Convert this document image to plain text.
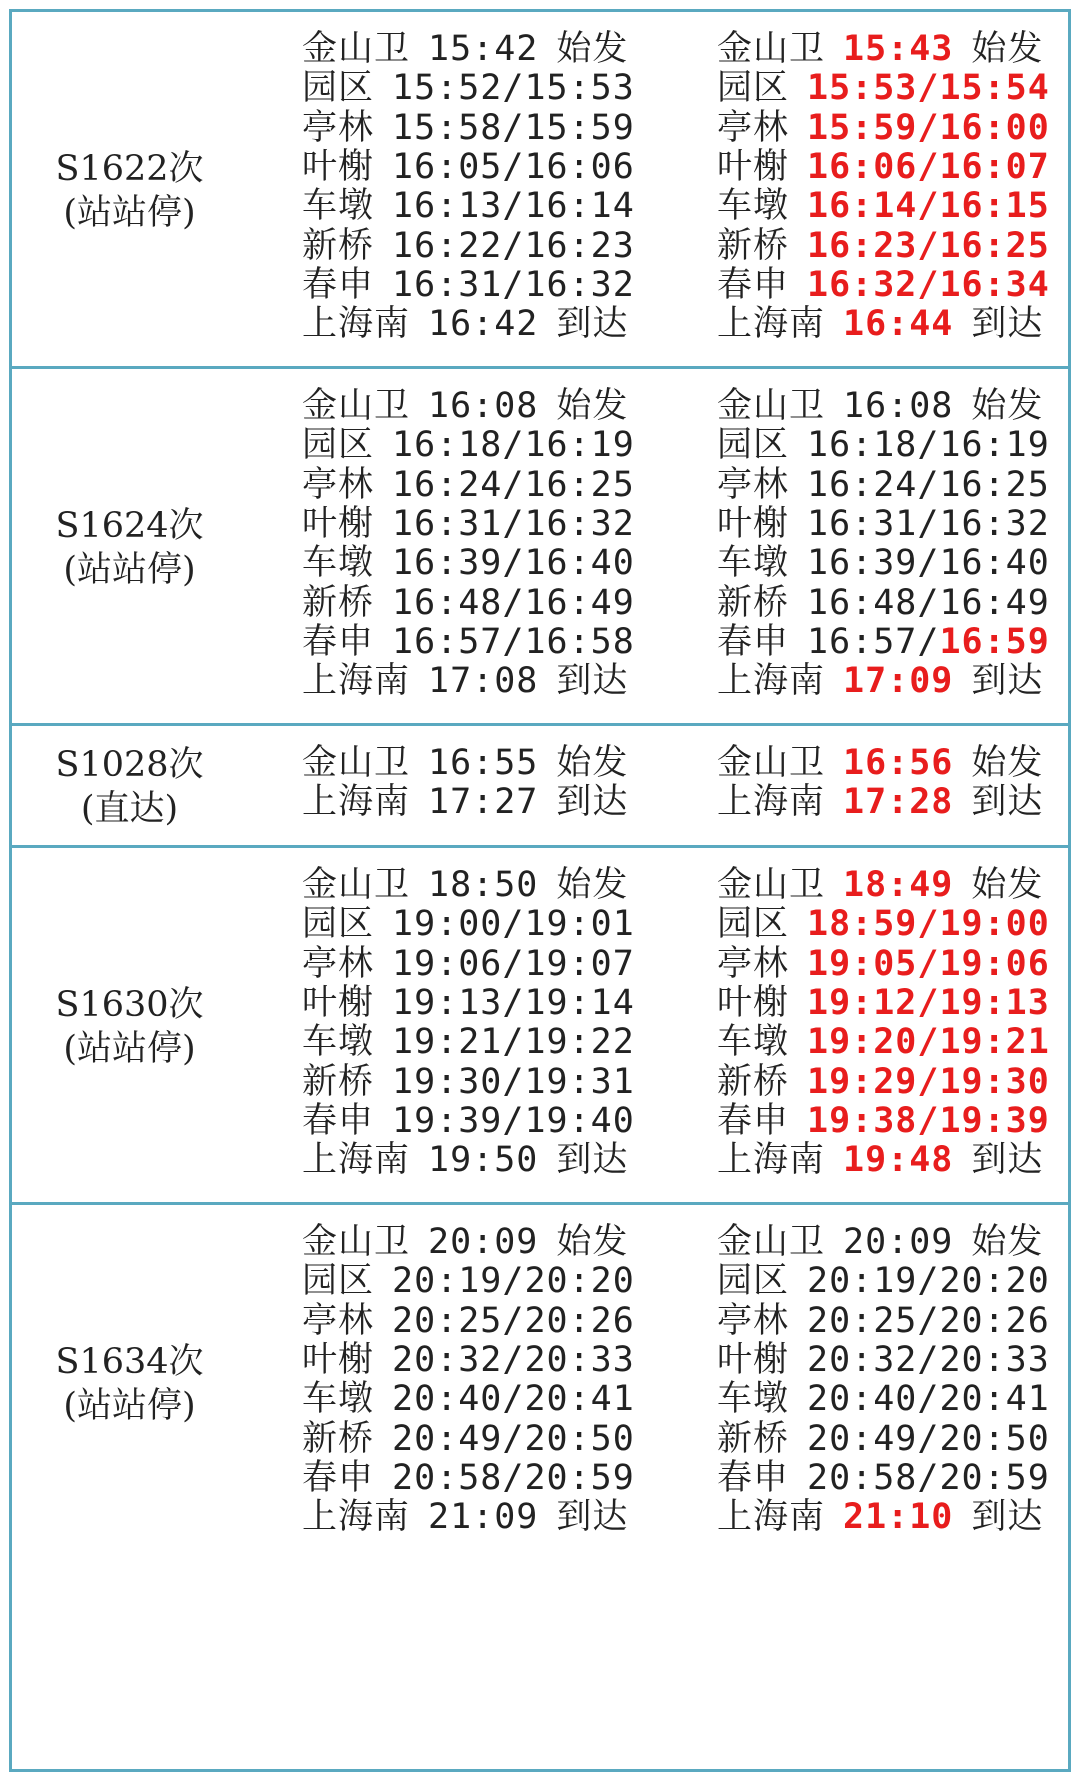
S1622次
(站站停)
金山卫 15:42 始发
园区 15:52/15:53
亭林 15:58/15:59
叶榭 16:05/16:06
车墩 16:13/16:14
新桥 16:22/16:23
春申 16:31/16:32
上海南 16:42 到达
金山卫 15:43 始发
园区 15:53/15:54
亭林 15:59/16:00
叶榭 16:06/16:07
车墩 16:14/16:15
新桥 16:23/16:25
春申 16:32/16:34
上海南 16:44 到达
S1624次
(站站停)
金山卫 16:08 始发
园区 16:18/16:19
亭林 16:24/16:25
叶榭 16:31/16:32
车墩 16:39/16:40
新桥 16:48/16:49
春申 16:57/16:58
上海南 17:08 到达
金山卫 16:08 始发
园区 16:18/16:19
亭林 16:24/16:25
叶榭 16:31/16:32
车墩 16:39/16:40
新桥 16:48/16:49
春申 16:57/16:59
上海南 17:09 到达
S1028次
(直达)
金山卫 16:55 始发
上海南 17:27 到达
金山卫 16:56 始发
上海南 17:28 到达
S1630次
(站站停)
金山卫 18:50 始发
园区 19:00/19:01
亭林 19:06/19:07
叶榭 19:13/19:14
车墩 19:21/19:22
新桥 19:30/19:31
春申 19:39/19:40
上海南 19:50 到达
金山卫 18:49 始发
园区 18:59/19:00
亭林 19:05/19:06
叶榭 19:12/19:13
车墩 19:20/19:21
新桥 19:29/19:30
春申 19:38/19:39
上海南 19:48 到达
S1634次
(站站停)
金山卫 20:09 始发
园区 20:19/20:20
亭林 20:25/20:26
叶榭 20:32/20:33
车墩 20:40/20:41
新桥 20:49/20:50
春申 20:58/20:59
上海南 21:09 到达
金山卫 20:09 始发
园区 20:19/20:20
亭林 20:25/20:26
叶榭 20:32/20:33
车墩 20:40/20:41
新桥 20:49/20:50
春申 20:58/20:59
上海南 21:10 到达
